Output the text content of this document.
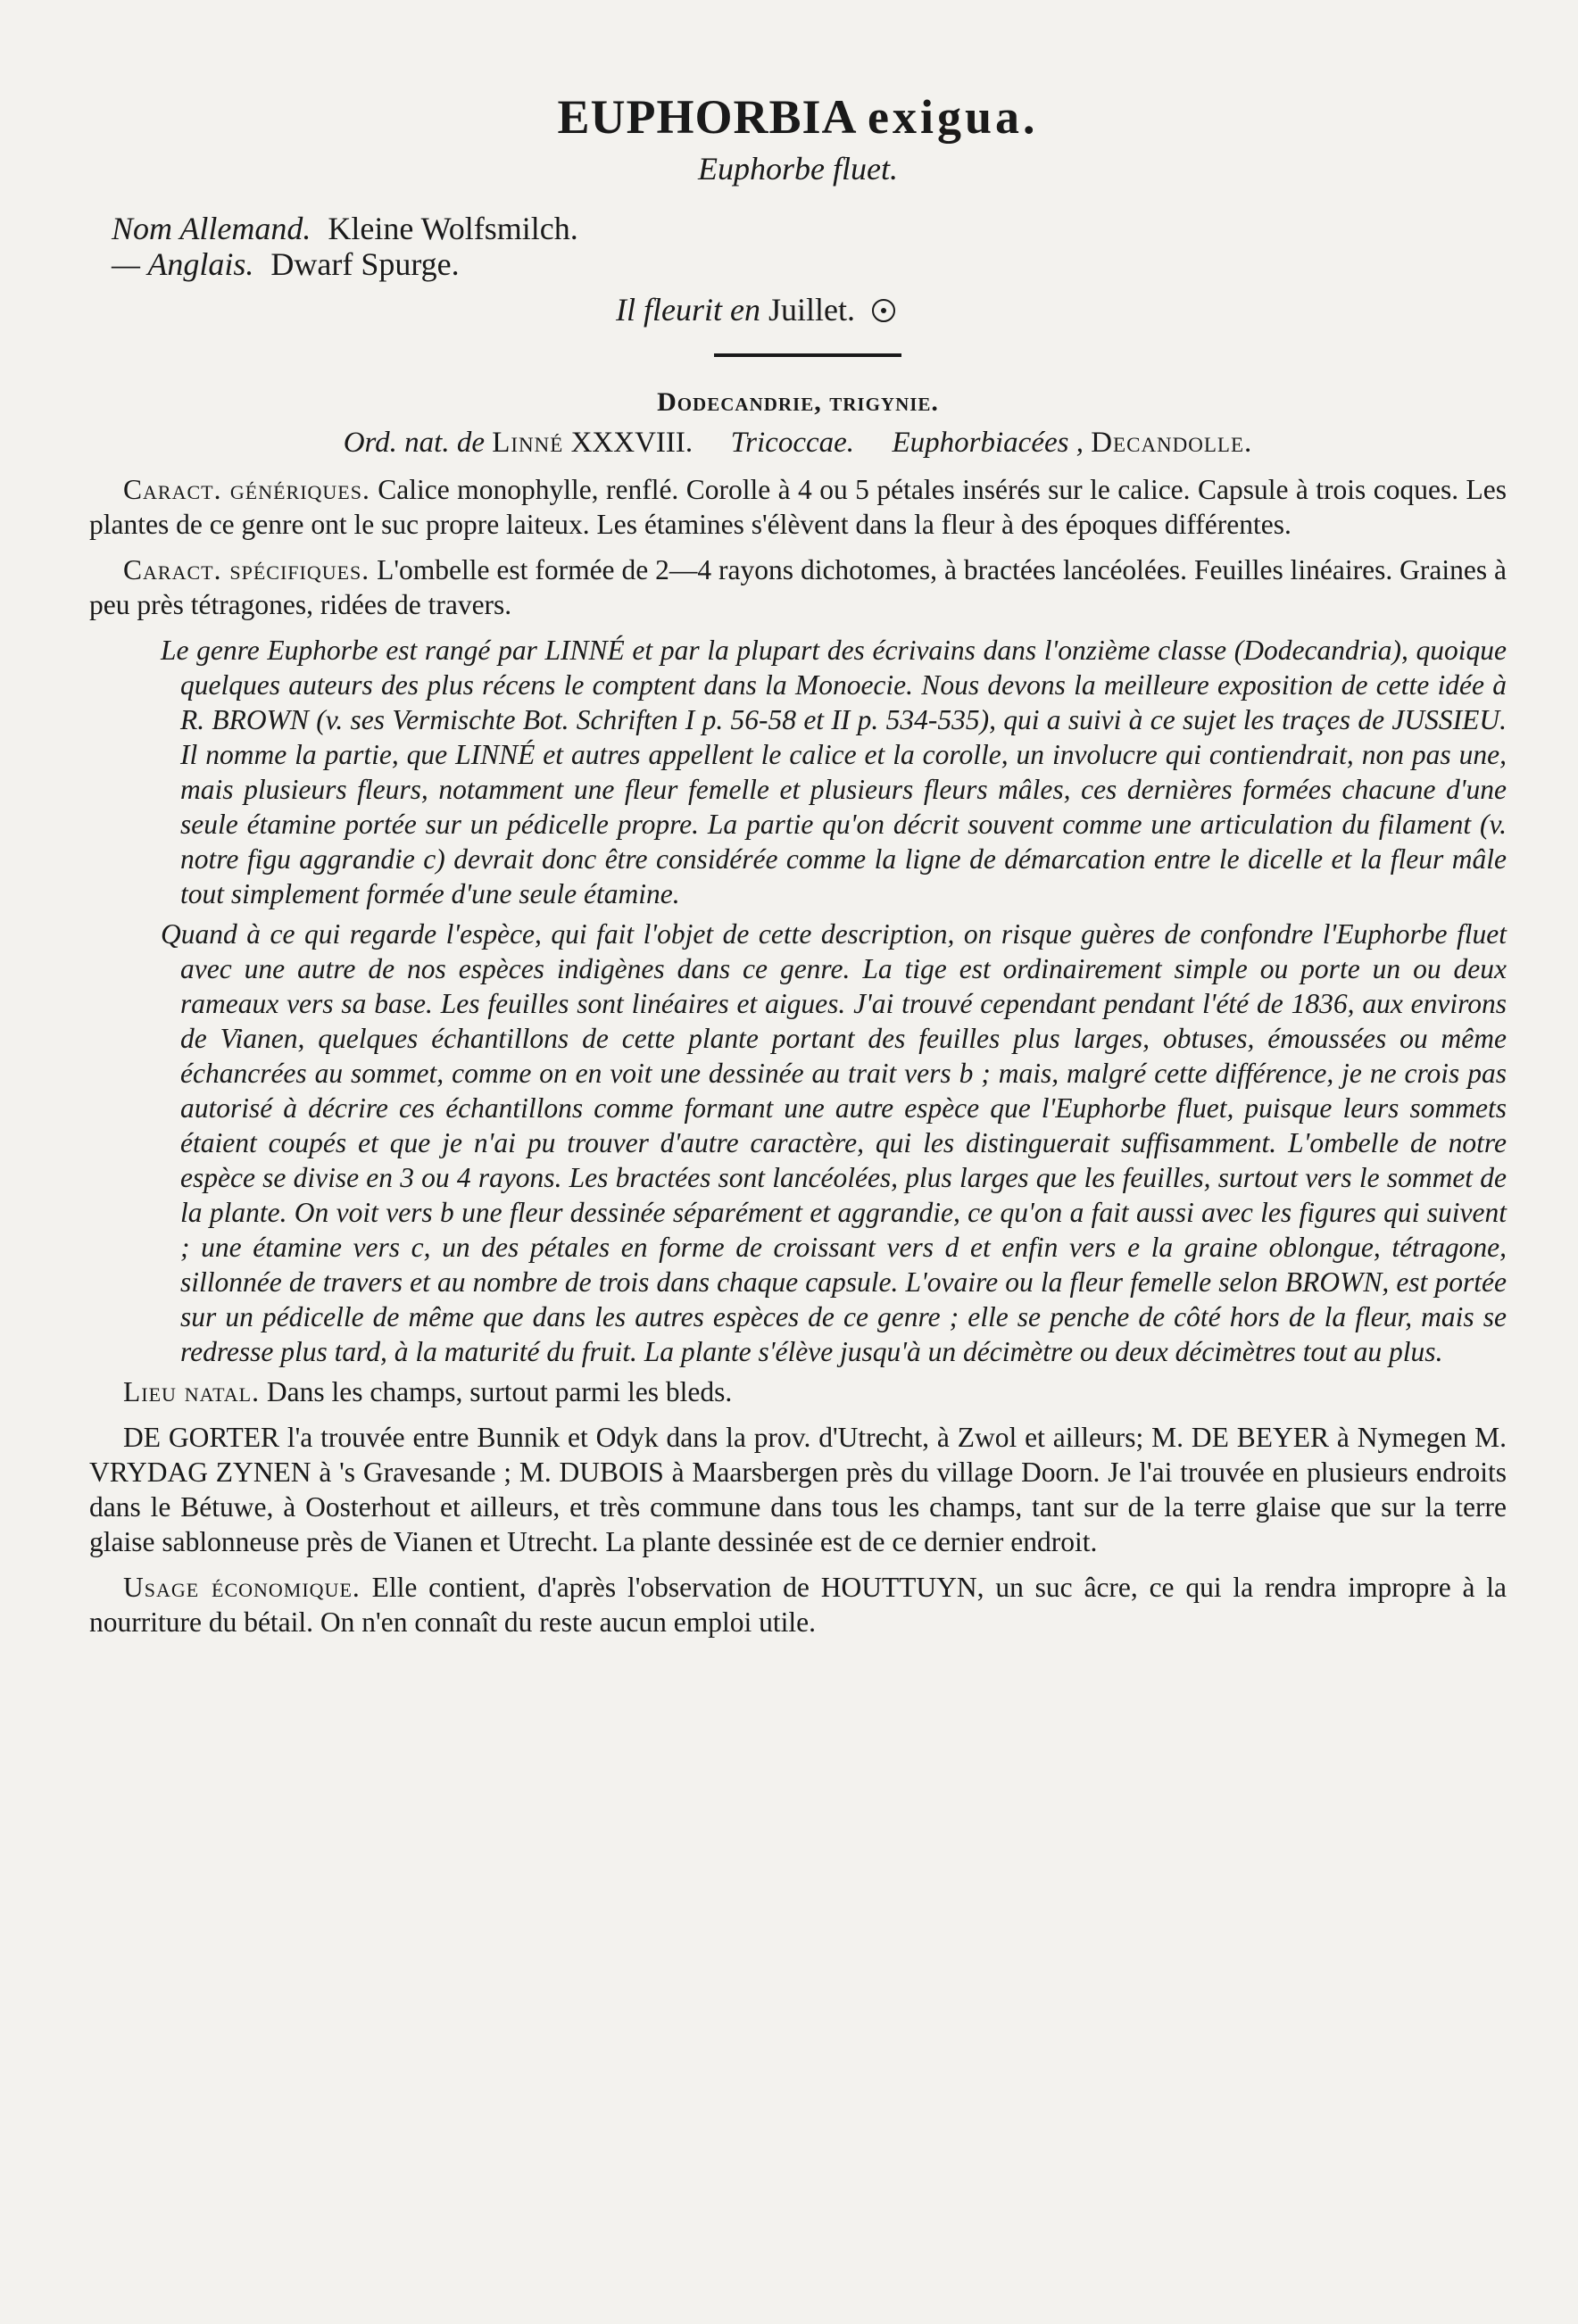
EUPHORBIA exigua.
Euphorbe fluet.
Nom Allemand. Kleine Wolfsmilch.
— Anglais. Dwarf Spurge.
Il fleurit en Juillet.
Dodecandrie, trigynie.
Ord. nat. de Linné XXXVIII. Tricoccae. Euphorbiacées , Decandolle.

Caract. génériques. Calice monophylle, renflé. Corolle à 4 ou 5 pétales insérés sur le calice. Capsule à trois coques. Les plantes de ce genre ont le suc propre laiteux. Les étamines s'élèvent dans la fleur à des époques différentes.

Caract. spécifiques. L'ombelle est formée de 2—4 rayons dichotomes, à bractées lancéolées. Feuilles linéaires. Graines à peu près tétragones, ridées de travers.

Le genre Euphorbe est rangé par LINNÉ et par la plupart des écrivains dans l'onzième classe (Dodecandria), quoique quelques auteurs des plus récens le comptent dans la Monoecie. Nous devons la meilleure exposition de cette idée à R. BROWN (v. ses Vermischte Bot. Schriften I p. 56-58 et II p. 534-535), qui a suivi à ce sujet les traçes de JUSSIEU. Il nomme la partie, que LINNÉ et autres appellent le calice et la corolle, un involucre qui contiendrait, non pas une, mais plusieurs fleurs, notamment une fleur femelle et plusieurs fleurs mâles, ces dernières formées chacune d'une seule étamine portée sur un pédicelle propre. La partie qu'on décrit souvent comme une articulation du filament (v. notre figu aggrandie c) devrait donc être considérée comme la ligne de démarcation entre le dicelle et la fleur mâle tout simplement formée d'une seule étamine.

Quand à ce qui regarde l'espèce, qui fait l'objet de cette description, on risque guères de confondre l'Euphorbe fluet avec une autre de nos espèces indigènes dans ce genre. La tige est ordinairement simple ou porte un ou deux rameaux vers sa base. Les feuilles sont linéaires et aigues. J'ai trouvé cependant pendant l'été de 1836, aux environs de Vianen, quelques échantillons de cette plante portant des feuilles plus larges, obtuses, émoussées ou même échancrées au sommet, comme on en voit une dessinée au trait vers b ; mais, malgré cette différence, je ne crois pas autorisé à décrire ces échantillons comme formant une autre espèce que l'Euphorbe fluet, puisque leurs sommets étaient coupés et que je n'ai pu trouver d'autre caractère, qui les distinguerait suffisamment. L'ombelle de notre espèce se divise en 3 ou 4 rayons. Les bractées sont lancéolées, plus larges que les feuilles, surtout vers le sommet de la plante. On voit vers b une fleur dessinée séparément et aggrandie, ce qu'on a fait aussi avec les figures qui suivent ; une étamine vers c, un des pétales en forme de croissant vers d et enfin vers e la graine oblongue, tétragone, sillonnée de travers et au nombre de trois dans chaque capsule. L'ovaire ou la fleur femelle selon BROWN, est portée sur un pédicelle de même que dans les autres espèces de ce genre ; elle se penche de côté hors de la fleur, mais se redresse plus tard, à la maturité du fruit. La plante s'élève jusqu'à un décimètre ou deux décimètres tout au plus.

Lieu natal. Dans les champs, surtout parmi les bleds.

DE GORTER l'a trouvée entre Bunnik et Odyk dans la prov. d'Utrecht, à Zwol et ailleurs; M. DE BEYER à Nymegen M. VRYDAG ZYNEN à 's Gravesande ; M. DUBOIS à Maarsbergen près du village Doorn. Je l'ai trouvée en plusieurs endroits dans le Bétuwe, à Oosterhout et ailleurs, et très commune dans tous les champs, tant sur de la terre glaise que sur la terre glaise sablonneuse près de Vianen et Utrecht. La plante dessinée est de ce dernier endroit.

Usage économique. Elle contient, d'après l'observation de HOUTTUYN, un suc âcre, ce qui la rendra impropre à la nourriture du bétail. On n'en connaît du reste aucun emploi utile.
